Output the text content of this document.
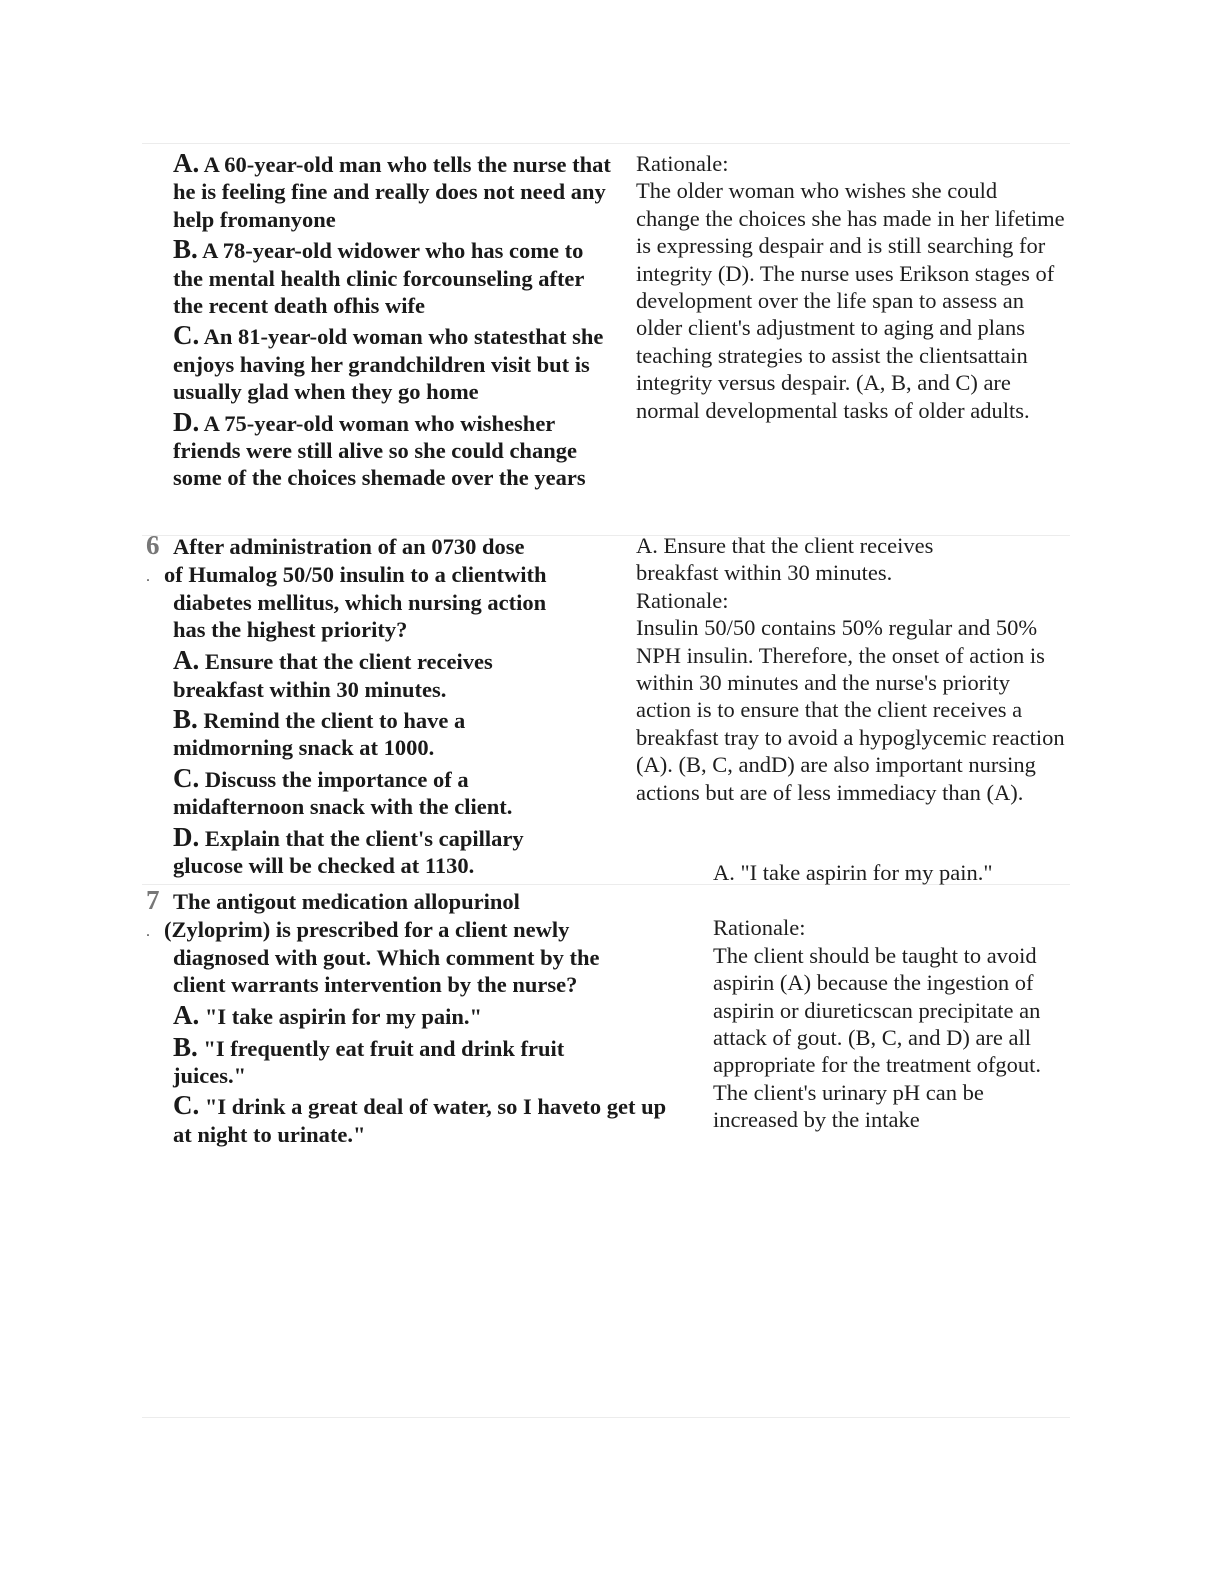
A. A 60-year-old man who tells the nurse that he is feeling fine and really does not need any help fromanyone
B. A 78-year-old widower who has come to the mental health clinic forcounseling after the recent death ofhis wife
C. An 81-year-old woman who statesthat she enjoys having her grandchildren visit but is usually glad when they go home
D. A 75-year-old woman who wishesher friends were still alive so she could change some of the choices shemade over the years

Rationale:

The older woman who wishes she could change the choices she has made in her lifetime is expressing despair and is still searching for integrity (D). The nurse uses Erikson stages of development over the life span to assess an older client's adjustment to aging and plans teaching strategies to assist the clientsattain integrity versus despair. (A, B, and C) are normal developmental tasks of older adults.

6
.
After administration of an 0730 dose
of Humalog 50/50 insulin to a clientwith
diabetes mellitus, which nursing action has the highest priority?
A. Ensure that the client receives breakfast within 30 minutes.
B. Remind the client to have a midmorning snack at 1000.
C. Discuss the importance of a midafternoon snack with the client.
D. Explain that the client's capillary glucose will be checked at 1130.

A. Ensure that the client receives breakfast within 30 minutes.

Rationale:

Insulin 50/50 contains 50% regular and 50% NPH insulin. Therefore, the onset of action is within 30 minutes and the nurse's priority action is to ensure that the client receives a breakfast tray to avoid a hypoglycemic reaction (A). (B, C, andD) are also important nursing actions but are of less immediacy than (A).

7
.
The antigout medication allopurinol
(Zyloprim) is prescribed for a client newly
diagnosed with gout. Which comment by the client warrants intervention by the nurse?
A. "I take aspirin for my pain."
B. "I frequently eat fruit and drink fruit juices."
C. "I drink a great deal of water, so I haveto get up at night to urinate."

A. "I take aspirin for my pain."

Rationale:

The client should be taught to avoid aspirin (A) because the ingestion of aspirin or diureticscan precipitate an attack of gout. (B, C, and D) are all appropriate for the treatment ofgout. The client's urinary pH can be increased by the intake
